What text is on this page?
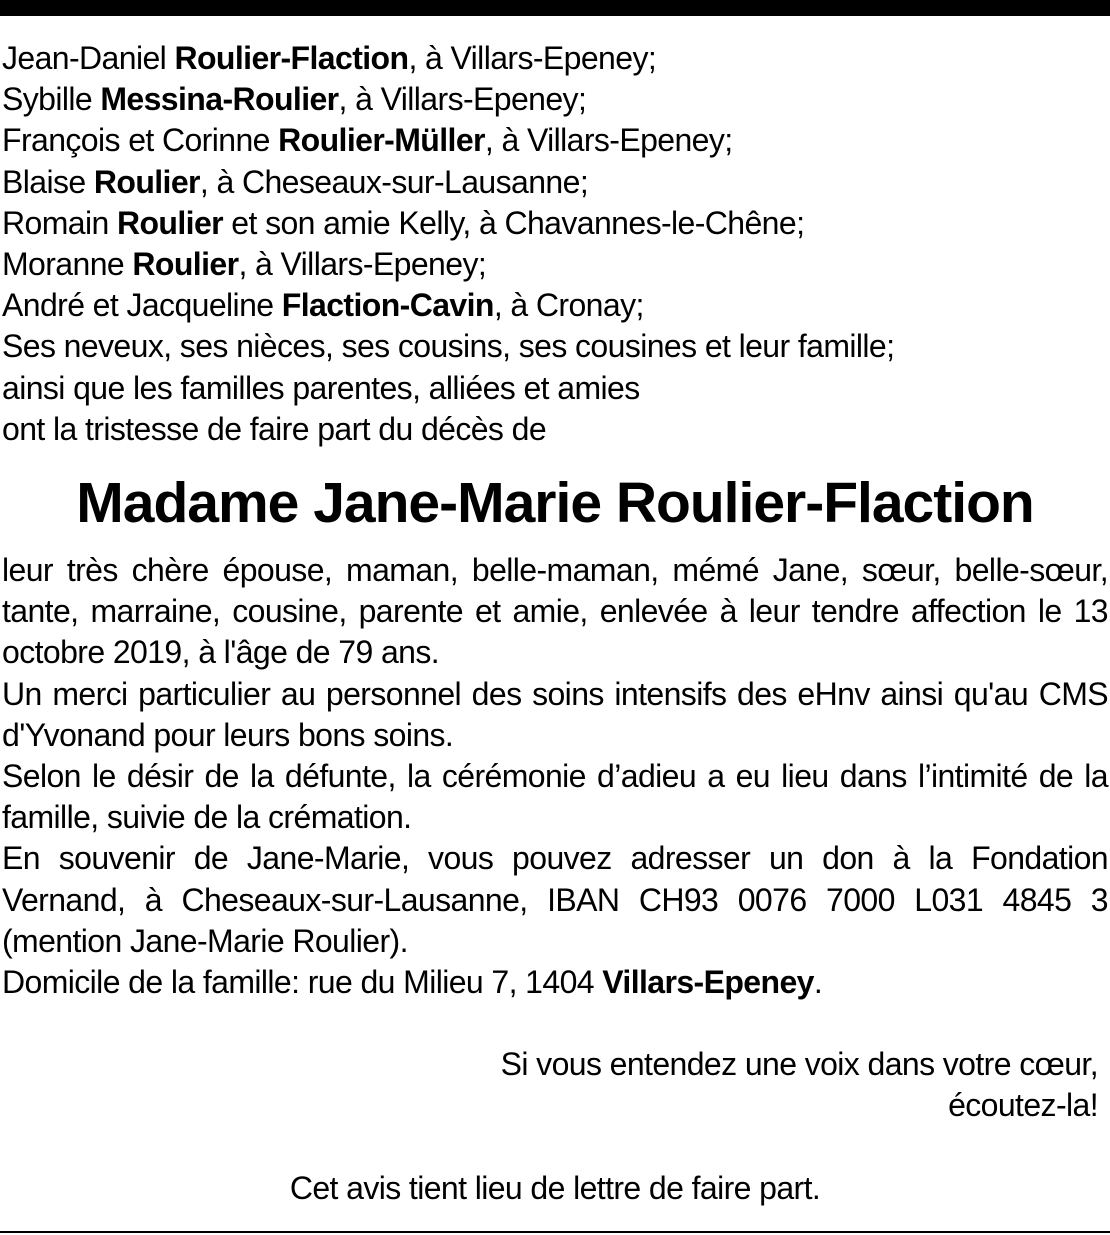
Jean-Daniel Roulier-Flaction, à Villars-Epeney;
Sybille Messina-Roulier, à Villars-Epeney;
François et Corinne Roulier-Müller, à Villars-Epeney;
Blaise Roulier, à Cheseaux-sur-Lausanne;
Romain Roulier et son amie Kelly, à Chavannes-le-Chêne;
Moranne Roulier, à Villars-Epeney;
André et Jacqueline Flaction-Cavin, à Cronay;
Ses neveux, ses nièces, ses cousins, ses cousines et leur famille;
ainsi que les familles parentes, alliées et amies
ont la tristesse de faire part du décès de
Madame Jane-Marie Roulier-Flaction

leur très chère épouse, maman, belle-maman, mémé Jane, sœur, belle-sœur, tante, marraine, cousine, parente et amie, enlevée à leur tendre affection le 13 octobre 2019, à l'âge de 79 ans.

Un merci particulier au personnel des soins intensifs des eHnv ainsi qu'au CMS d'Yvonand pour leurs bons soins.

Selon le désir de la défunte, la cérémonie d’adieu a eu lieu dans l’intimité de la famille, suivie de la crémation.

En souvenir de Jane-Marie, vous pouvez adresser un don à la Fondation Vernand, à Cheseaux-sur-Lausanne, IBAN CH93 0076 7000 L031 4845 3 (mention Jane-Marie Roulier).

Domicile de la famille: rue du Milieu 7, 1404 Villars-Epeney.

Si vous entendez une voix dans votre cœur,
écoutez-la!
Cet avis tient lieu de lettre de faire part.
